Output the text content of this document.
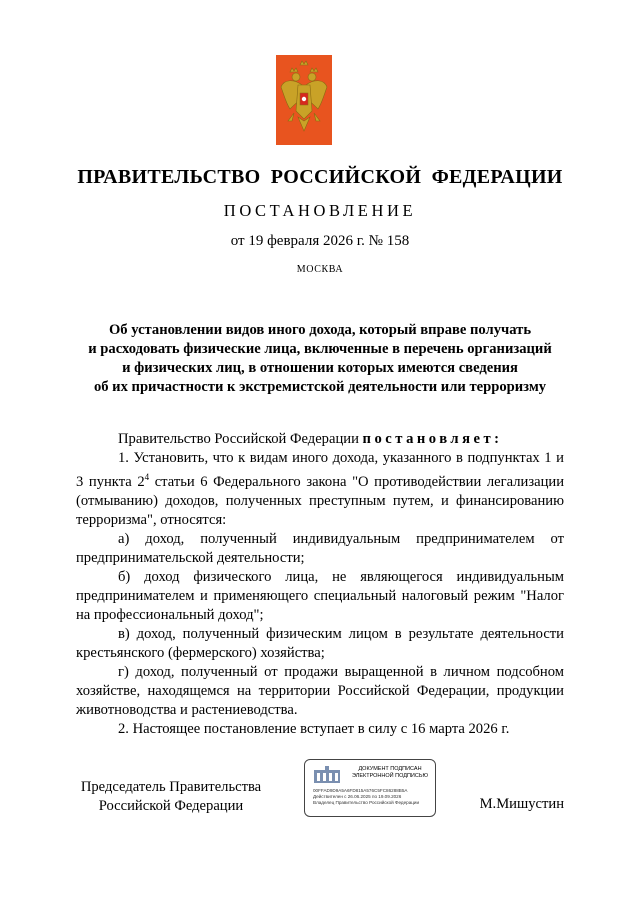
ПРАВИТЕЛЬСТВО РОССИЙСКОЙ ФЕДЕРАЦИИ
ПОСТАНОВЛЕНИЕ
от 19 февраля 2026 г. № 158
МОСКВА
Об установлении видов иного дохода, который вправе получать
и расходовать физические лица, включенные в перечень организаций
и физических лиц, в отношении которых имеются сведения
об их причастности к экстремистской деятельности или терроризму

Правительство Российской Федерации постановляет:

1. Установить, что к видам иного дохода, указанного в подпунктах 1 и 3 пункта $2^4$ статьи 6 Федерального закона "О противодействии легализации (отмыванию) доходов, полученных преступным путем, и финансированию терроризма", относятся:

а) доход, полученный индивидуальным предпринимателем от предпринимательской деятельности;

б) доход физического лица, не являющегося индивидуальным предпринимателем и применяющего специальный налоговый режим "Налог на профессиональный доход";

в) доход, полученный физическим лицом в результате деятельности крестьянского (фермерского) хозяйства;

г) доход, полученный от продажи выращенной в личном подсобном хозяйстве, находящемся на территории Российской Федерации, продукции животноводства и растениеводства.

2. Настоящее постановление вступает в силу с 16 марта 2026 г.

Председатель Правительства
Российской Федерации
ДОКУМЕНТ ПОДПИСАН
ЭЛЕКТРОННОЙ ПОДПИСЬЮ
00FFAD9D9A5A6FD815A576C5FC86288B5A
Действителен с 26.06.2025 по 19.09.2026
Владелец Правительство Российской Федерации	М.Мишустин
